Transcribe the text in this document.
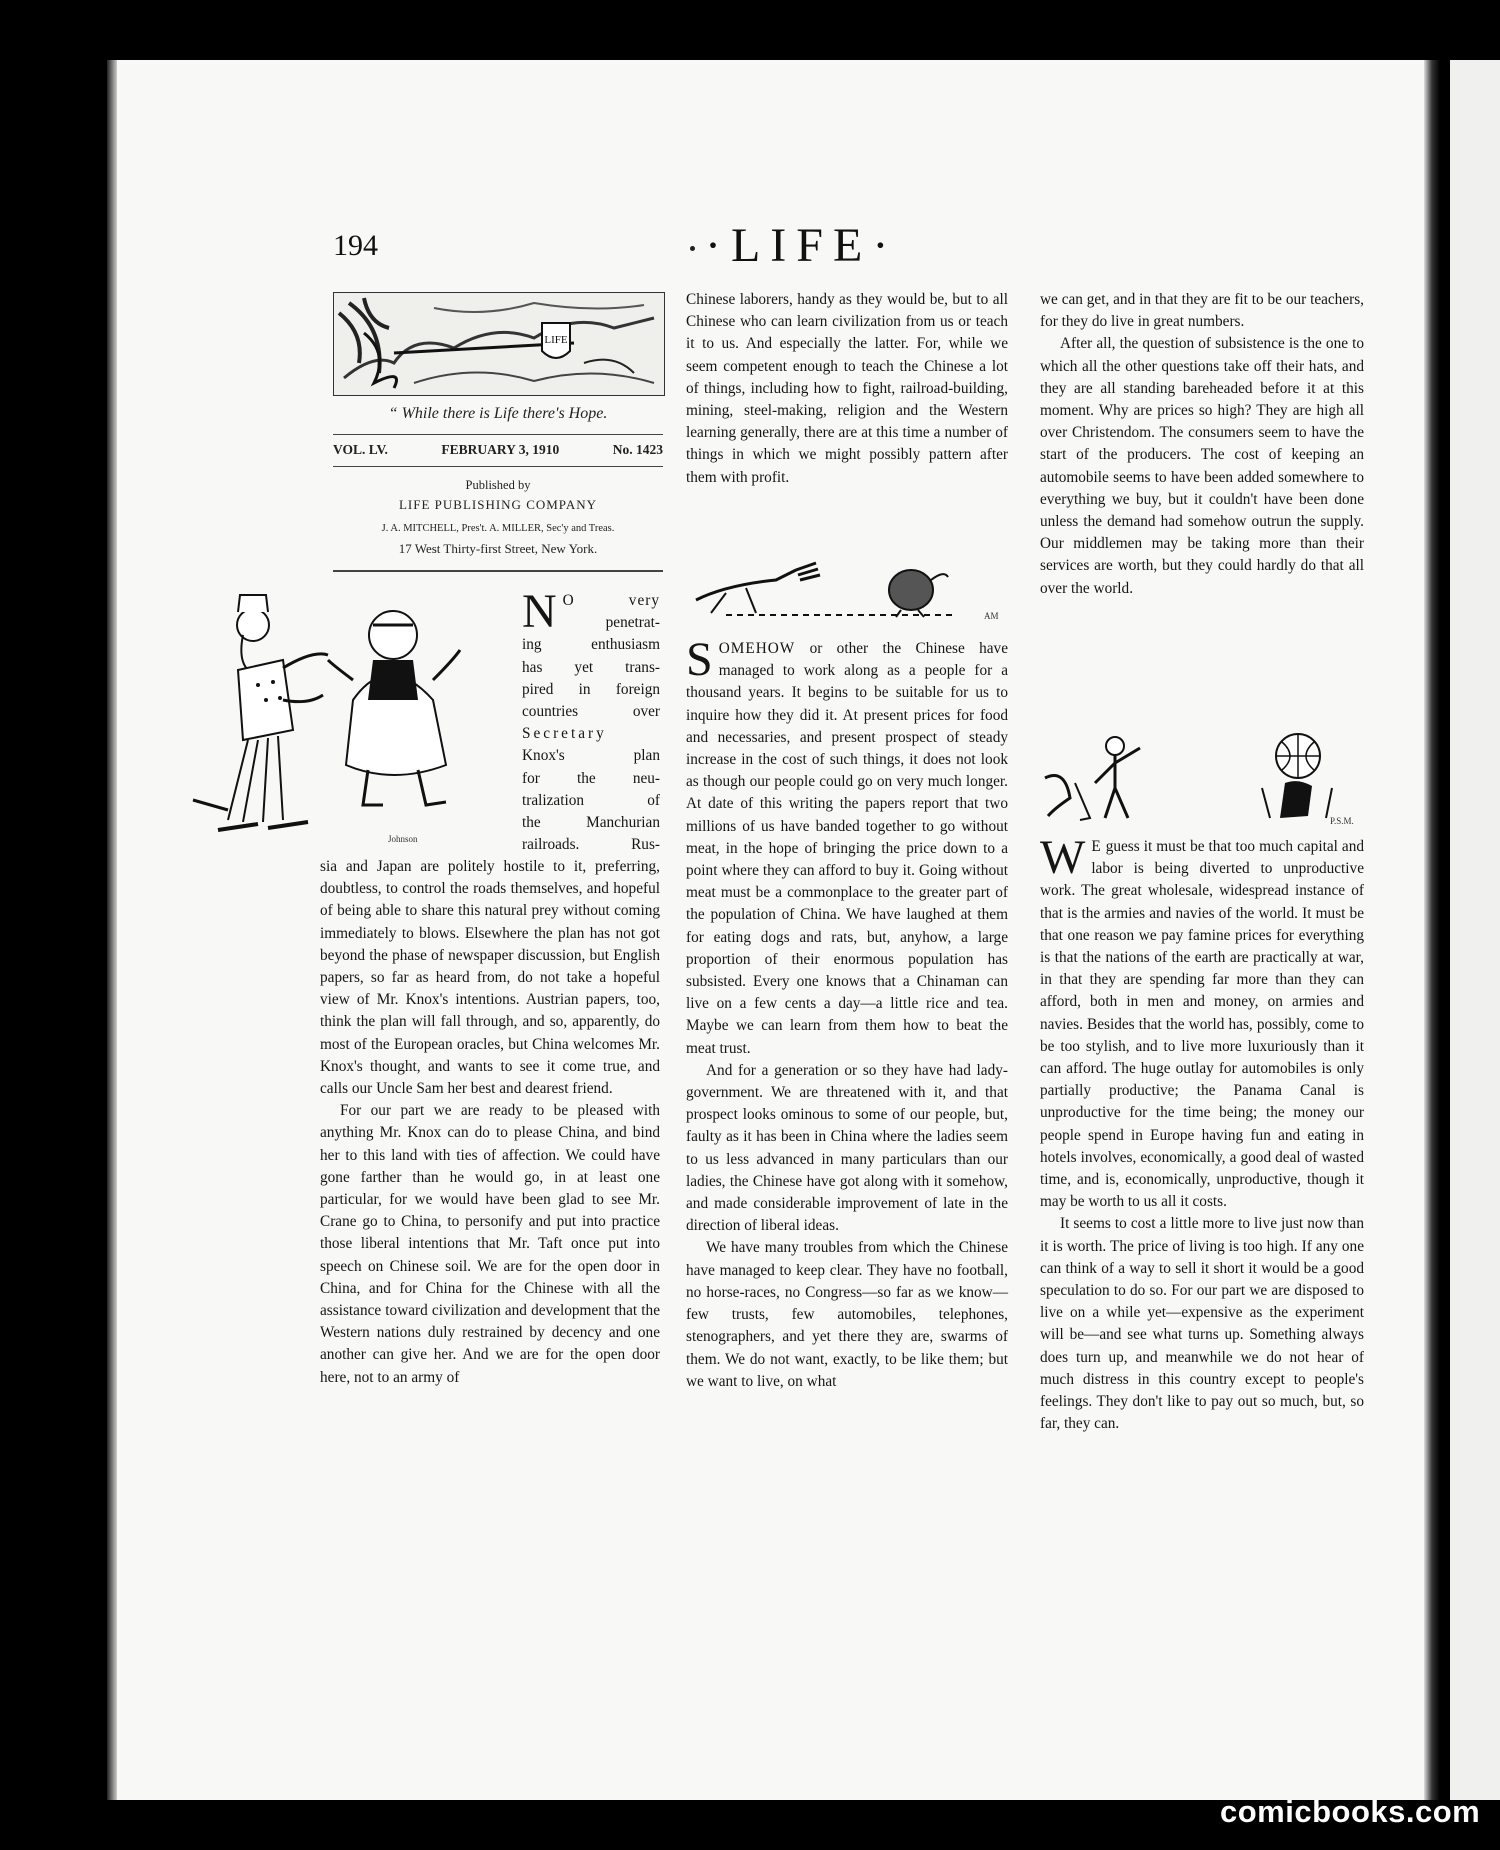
194	·LIFE·
LIFE
“ While there is Life there's Hope.
VOL. LV.	FEBRUARY 3, 1910	No. 1423
Published by
LIFE PUBLISHING COMPANY
J. A. MITCHELL, Pres't. A. MILLER, Sec'y and Treas.
17 West Thirty-first Street, New York.
Johnson
N O very
penetrat-
ing enthusiasm
has yet trans-
pired in foreign
countries over
Secretary
Knox's plan
for the neu-
tralization of
the Manchurian
railroads. Rus-

sia and Japan are politely hostile to it, preferring, doubtless, to control the roads themselves, and hopeful of being able to share this natural prey without coming immediately to blows. Elsewhere the plan has not got beyond the phase of newspaper discussion, but English papers, so far as heard from, do not take a hopeful view of Mr. Knox's intentions. Austrian papers, too, think the plan will fall through, and so, apparently, do most of the European oracles, but China welcomes Mr. Knox's thought, and wants to see it come true, and calls our Uncle Sam her best and dearest friend.

For our part we are ready to be pleased with anything Mr. Knox can do to please China, and bind her to this land with ties of affection. We could have gone farther than he would go, in at least one particular, for we would have been glad to see Mr. Crane go to China, to personify and put into practice those liberal intentions that Mr. Taft once put into speech on Chinese soil. We are for the open door in China, and for China for the Chinese with all the assistance toward civilization and development that the Western nations duly restrained by decency and one another can give her. And we are for the open door here, not to an army of

Chinese laborers, handy as they would be, but to all Chinese who can learn civilization from us or teach it to us. And especially the latter. For, while we seem competent enough to teach the Chinese a lot of things, including how to fight, railroad-building, mining, steel-making, religion and the Western learning generally, there are at this time a number of things in which we might possibly pattern after them with profit.

AM

SOMEHOW or other the Chinese have managed to work along as a people for a thousand years. It begins to be suitable for us to inquire how they did it. At present prices for food and necessaries, and present prospect of steady increase in the cost of such things, it does not look as though our people could go on very much longer. At date of this writing the papers report that two millions of us have banded together to go without meat, in the hope of bringing the price down to a point where they can afford to buy it. Going without meat must be a commonplace to the greater part of the population of China. We have laughed at them for eating dogs and rats, but, anyhow, a large proportion of their enormous population has subsisted. Every one knows that a Chinaman can live on a few cents a day—a little rice and tea. Maybe we can learn from them how to beat the meat trust.

And for a generation or so they have had lady-government. We are threatened with it, and that prospect looks ominous to some of our people, but, faulty as it has been in China where the ladies seem to us less advanced in many particulars than our ladies, the Chinese have got along with it somehow, and made considerable improvement of late in the direction of liberal ideas.

We have many troubles from which the Chinese have managed to keep clear. They have no football, no horse-races, no Congress—so far as we know—few trusts, few automobiles, telephones, stenographers, and yet there they are, swarms of them. We do not want, exactly, to be like them; but we want to live, on what

we can get, and in that they are fit to be our teachers, for they do live in great numbers.

After all, the question of subsistence is the one to which all the other questions take off their hats, and they are all standing bareheaded before it at this moment. Why are prices so high? They are high all over Christendom. The consumers seem to have the start of the producers. The cost of keeping an automobile seems to have been added somewhere to everything we buy, but it couldn't have been done unless the demand had somehow outrun the supply. Our middlemen may be taking more than their services are worth, but they could hardly do that all over the world.

P.S.M.

W E guess it must be that too much capital and labor is being diverted to unproductive work. The great wholesale, widespread instance of that is the armies and navies of the world. It must be that one reason we pay famine prices for everything is that the nations of the earth are practically at war, in that they are spending far more than they can afford, both in men and money, on armies and navies. Besides that the world has, possibly, come to be too stylish, and to live more luxuriously than it can afford. The huge outlay for automobiles is only partially productive; the Panama Canal is unproductive for the time being; the money our people spend in Europe having fun and eating in hotels involves, economically, a good deal of wasted time, and is, economically, unproductive, though it may be worth to us all it costs.

It seems to cost a little more to live just now than it is worth. The price of living is too high. If any one can think of a way to sell it short it would be a good speculation to do so. For our part we are disposed to live on a while yet—expensive as the experiment will be—and see what turns up. Something always does turn up, and meanwhile we do not hear of much distress in this country except to people's feelings. They don't like to pay out so much, but, so far, they can.

comicbooks.com
